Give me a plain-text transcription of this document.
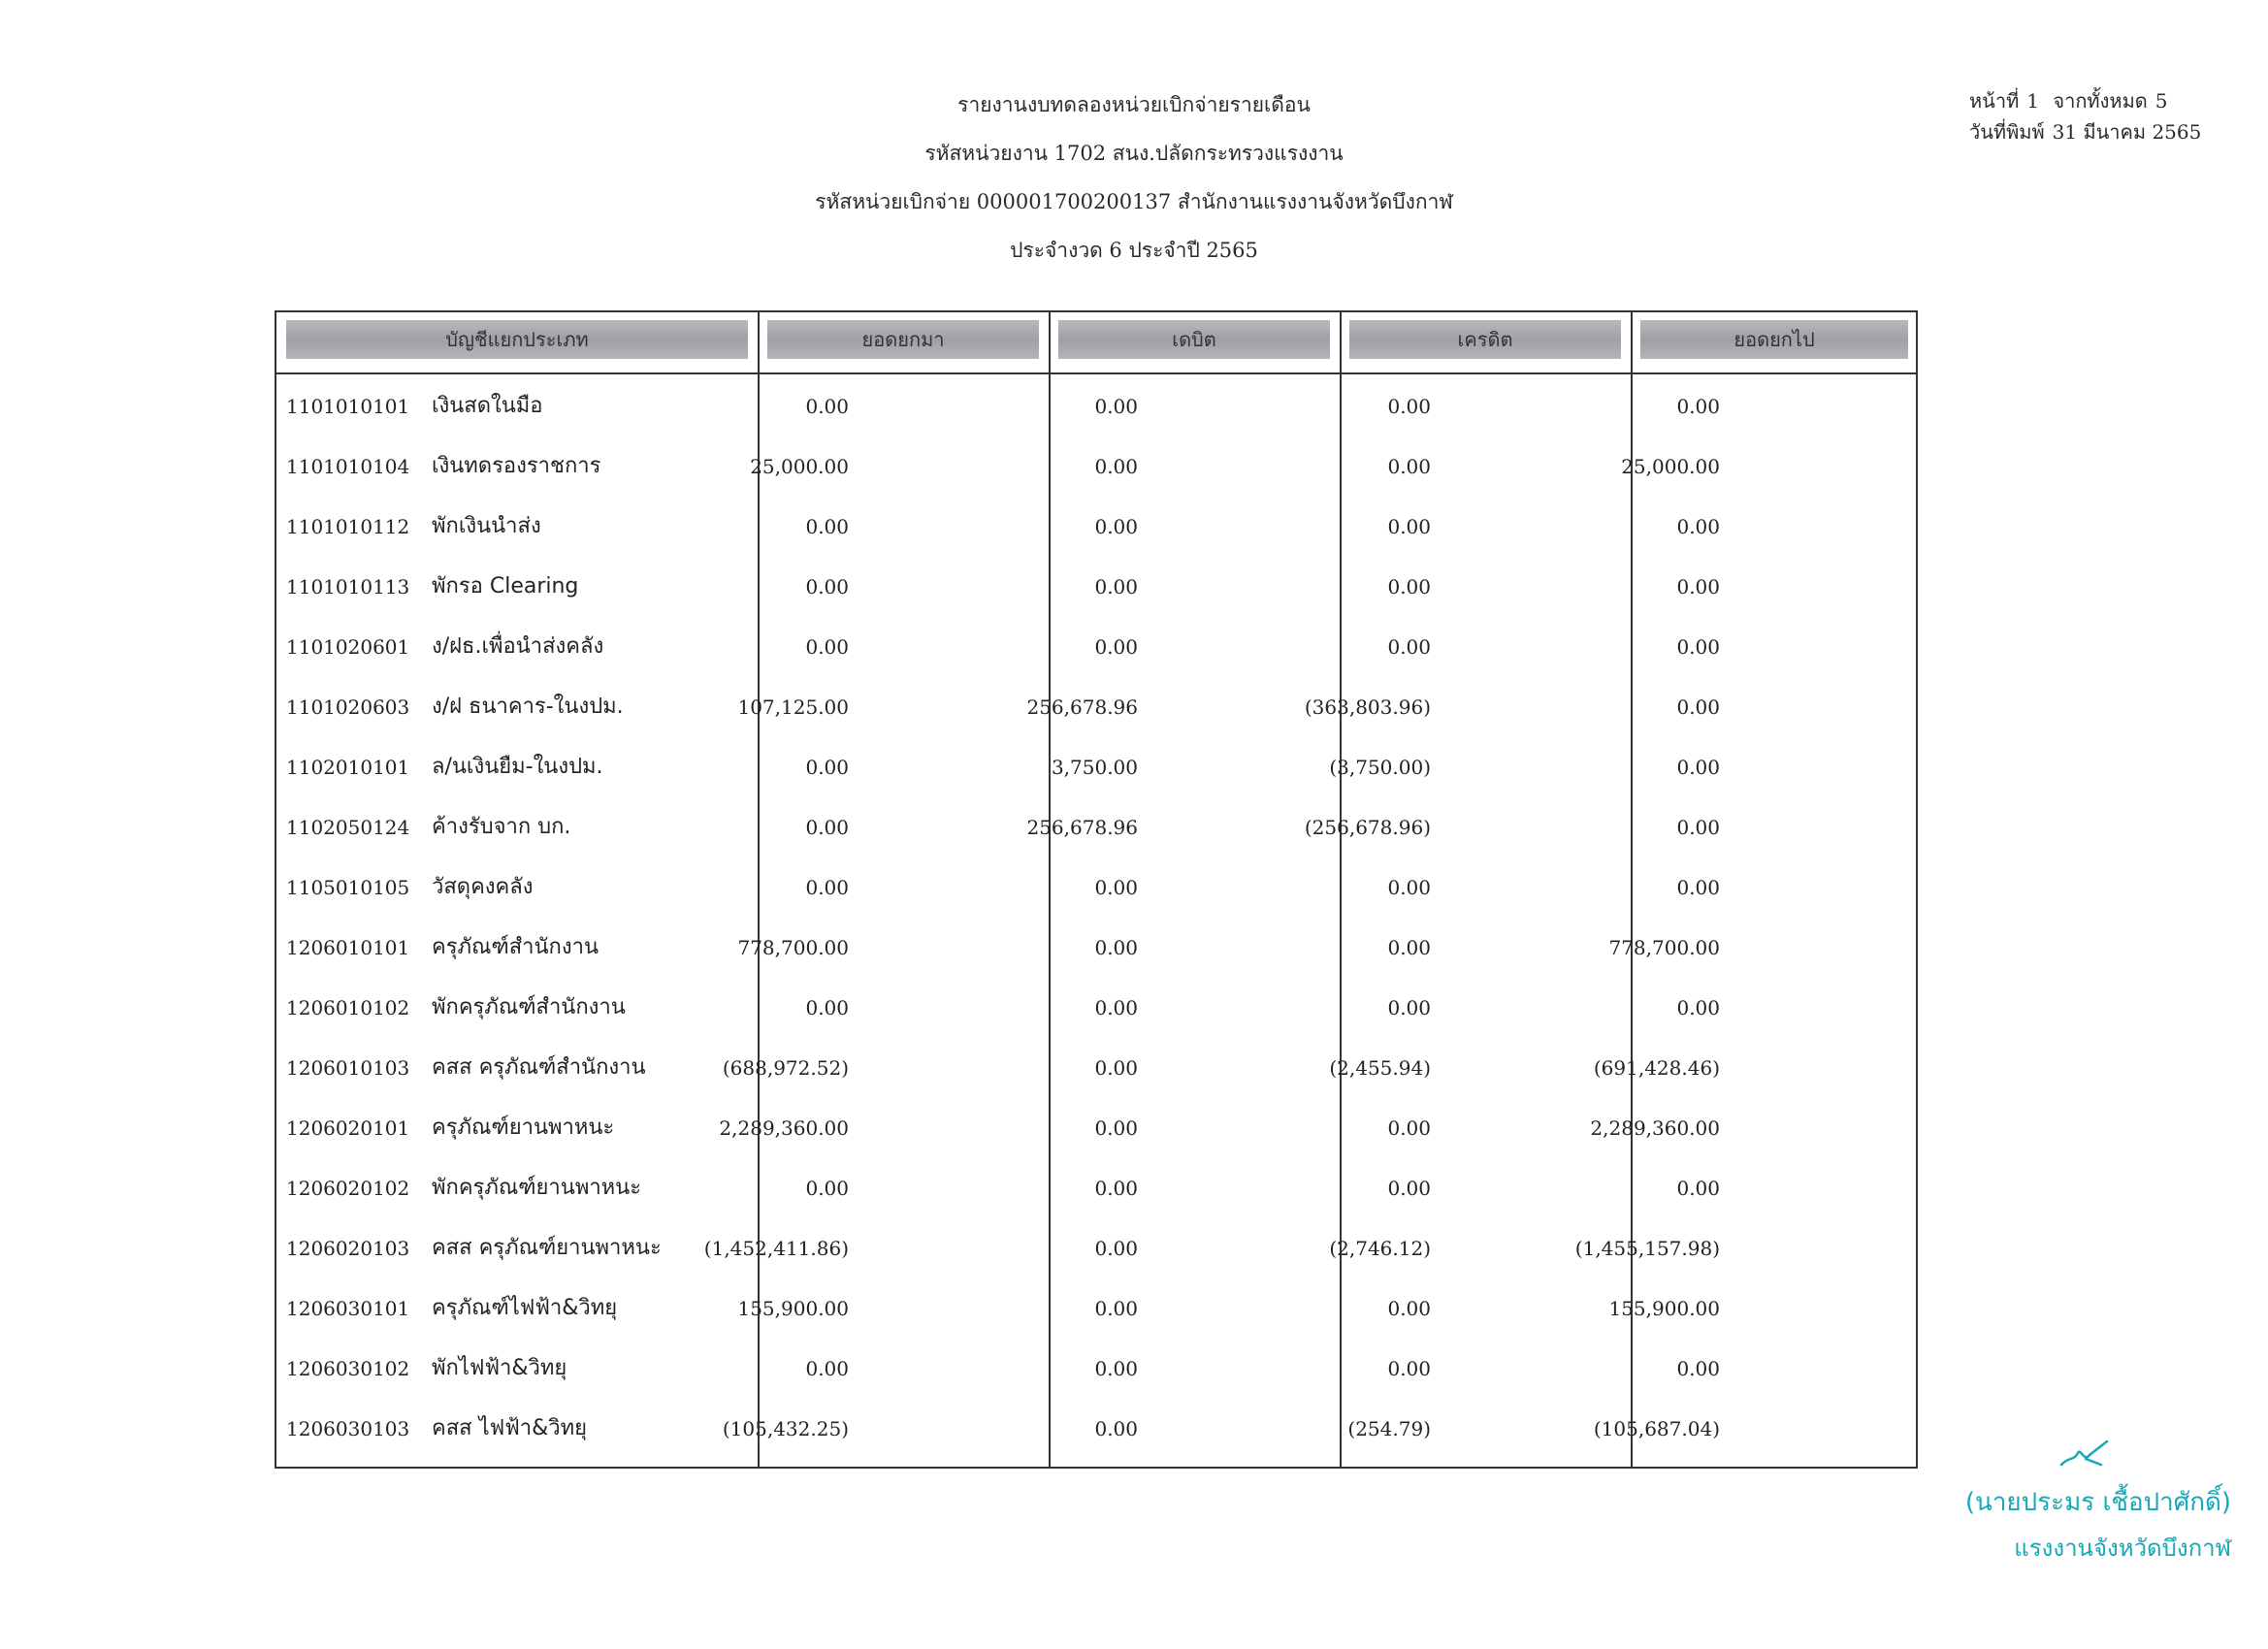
รายงานงบทดลองหน่วยเบิกจ่ายรายเดือน
รหัสหน่วยงาน 1702 สนง.ปลัดกระทรวงแรงงาน
รหัสหน่วยเบิกจ่าย 000001700200137 สำนักงานแรงงานจังหวัดบึงกาฬ
ประจำงวด 6 ประจำปี 2565
หน้าที่ 1 จากทั้งหมด 5
วันที่พิมพ์ 31 มีนาคม 2565
บัญชีแยกประเภท	ยอดยกมา	เดบิต	เครดิต	ยอดยกไป
1101010101 เงินสดในมือ	0.00	0.00	0.00	0.00
1101010104 เงินทดรองราชการ	25,000.00	0.00	0.00	25,000.00
1101010112 พักเงินนำส่ง	0.00	0.00	0.00	0.00
1101010113 พักรอ Clearing	0.00	0.00	0.00	0.00
1101020601 ง/ฝธ.เพื่อนำส่งคลัง	0.00	0.00	0.00	0.00
1101020603 ง/ฝ ธนาคาร-ในงปม.	107,125.00	256,678.96	(363,803.96)	0.00
1102010101 ล/นเงินยืม-ในงปม.	0.00	3,750.00	(3,750.00)	0.00
1102050124 ค้างรับจาก บก.	0.00	256,678.96	(256,678.96)	0.00
1105010105 วัสดุคงคลัง	0.00	0.00	0.00	0.00
1206010101 ครุภัณฑ์สำนักงาน	778,700.00	0.00	0.00	778,700.00
1206010102 พักครุภัณฑ์สำนักงาน	0.00	0.00	0.00	0.00
1206010103 คสส ครุภัณฑ์สำนักงาน	(688,972.52)	0.00	(2,455.94)	(691,428.46)
1206020101 ครุภัณฑ์ยานพาหนะ	2,289,360.00	0.00	0.00	2,289,360.00
1206020102 พักครุภัณฑ์ยานพาหนะ	0.00	0.00	0.00	0.00
1206020103 คสส ครุภัณฑ์ยานพาหนะ	(1,452,411.86)	0.00	(2,746.12)	(1,455,157.98)
1206030101 ครุภัณฑ์ไฟฟ้า&วิทยุ	155,900.00	0.00	0.00	155,900.00
1206030102 พักไฟฟ้า&วิทยุ	0.00	0.00	0.00	0.00
1206030103 คสส ไฟฟ้า&วิทยุ	(105,432.25)	0.00	(254.79)	(105,687.04)
(นายประมร เชื้อปาศักดิ์)
แรงงานจังหวัดบึงกาฬ
